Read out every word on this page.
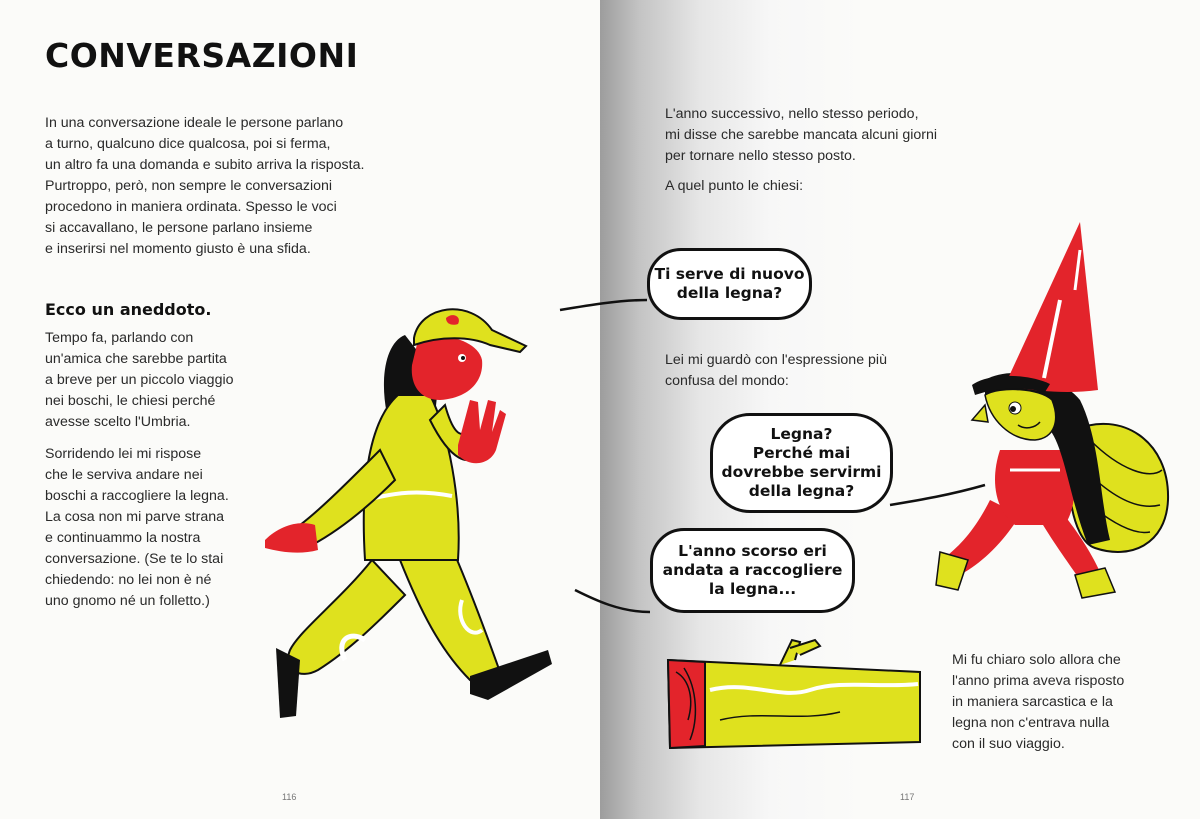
CONVERSAZIONI
In una conversazione ideale le persone parlano
a turno, qualcuno dice qualcosa, poi si ferma,
un altro fa una domanda e subito arriva la risposta.
Purtroppo, però, non sempre le conversazioni
procedono in maniera ordinata. Spesso le voci
si accavallano, le persone parlano insieme
e inserirsi nel momento giusto è una sfida.
Ecco un aneddoto.
Tempo fa, parlando con
un'amica che sarebbe partita
a breve per un piccolo viaggio
nei boschi, le chiesi perché
avesse scelto l'Umbria.
Sorridendo lei mi rispose
che le serviva andare nei
boschi a raccogliere la legna.
La cosa non mi parve strana
e continuammo la nostra
conversazione. (Se te lo stai
chiedendo: no lei non è né
uno gnomo né un folletto.)
116
L'anno successivo, nello stesso periodo,
mi disse che sarebbe mancata alcuni giorni
per tornare nello stesso posto.
A quel punto le chiesi:
Ti serve di nuovo
della legna?
Lei mi guardò con l'espressione più
confusa del mondo:
Legna?
Perché mai
dovrebbe servirmi
della legna?
L'anno scorso eri
andata a raccogliere
la legna...
Mi fu chiaro solo allora che
l'anno prima aveva risposto
in maniera sarcastica e la
legna non c'entrava nulla
con il suo viaggio.
117
